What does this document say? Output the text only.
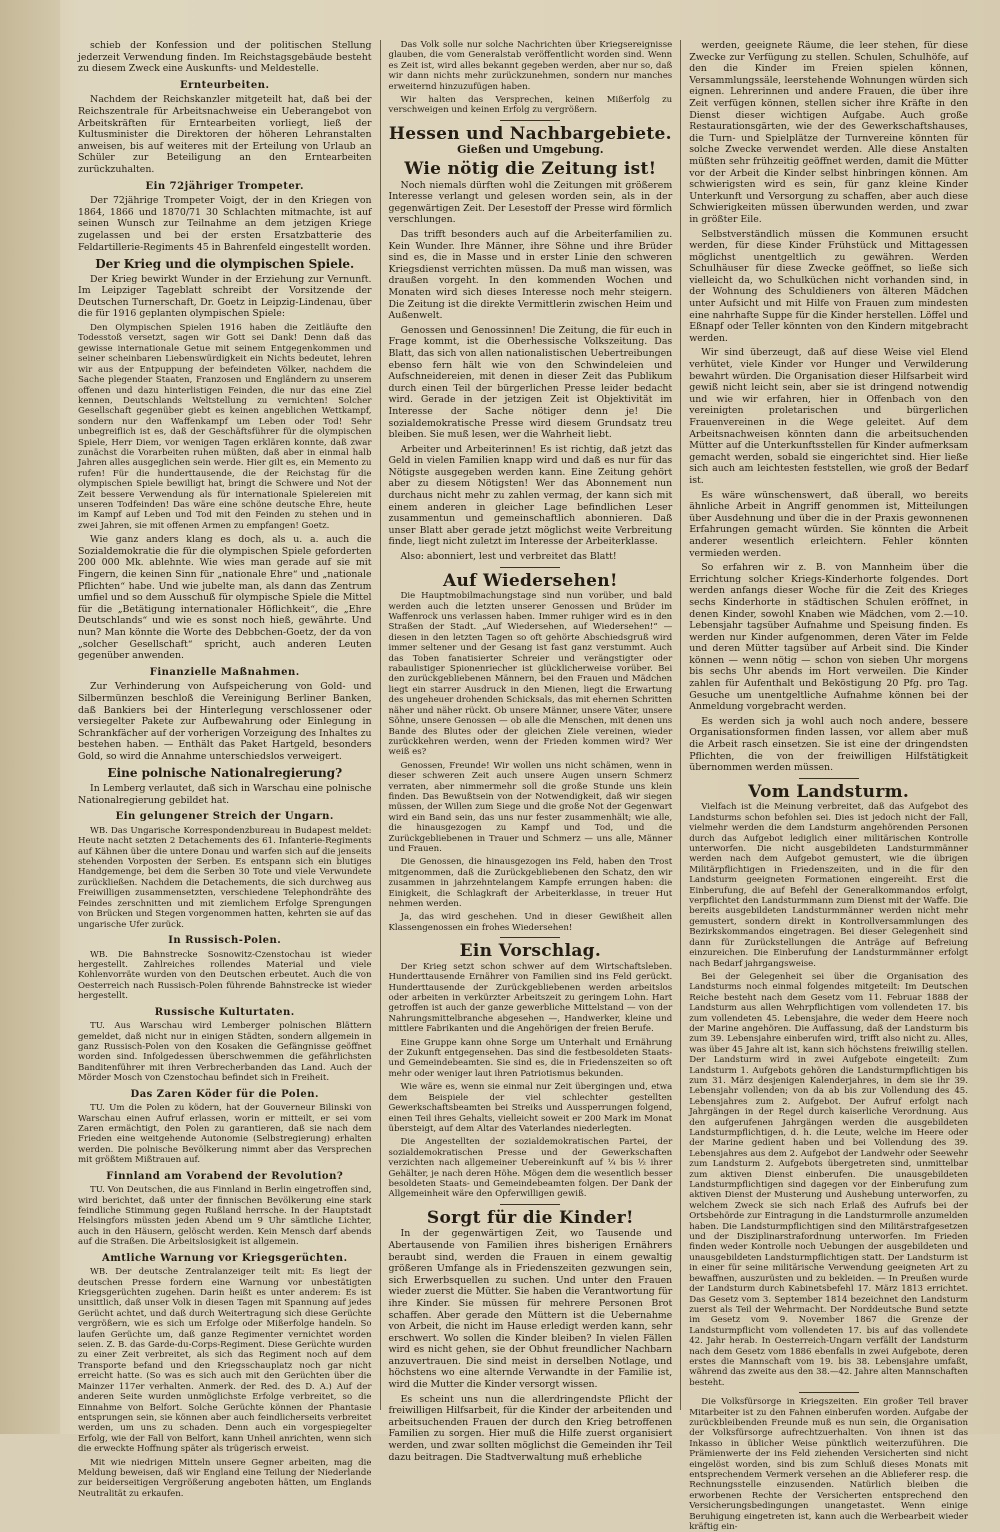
schieb der Konfession und der politischen Stellung jederzeit Verwendung finden. Im Reichstagsgebäude besteht zu diesem Zweck eine Auskunfts- und Meldestelle.

Ernteurbeiten.

Nachdem der Reichskanzler mitgeteilt hat, daß bei der Reichszentrale für Arbeitsnachweise ein Ueberangebot von Arbeitskräften für Erntearbeiten vorliegt, ließ der Kultusminister die Direktoren der höheren Lehranstalten anweisen, bis auf weiteres mit der Erteilung von Urlaub an Schüler zur Beteiligung an den Erntearbeiten zurückzuhalten.

Ein 72jähriger Trompeter.

Der 72jährige Trompeter Voigt, der in den Kriegen von 1864, 1866 und 1870/71 30 Schlachten mitmachte, ist auf seinen Wunsch zur Teilnahme an dem jetzigen Kriege zugelassen und bei der ersten Ersatzbatterie des Feldartillerie-Regiments 45 in Bahrenfeld eingestellt worden.

Der Krieg und die olympischen Spiele.

Der Krieg bewirkt Wunder in der Erziehung zur Vernunft. Im Leipziger Tageblatt schreibt der Vorsitzende der Deutschen Turnerschaft, Dr. Goetz in Leipzig-Lindenau, über die für 1916 geplanten olympischen Spiele:

Den Olympischen Spielen 1916 haben die Zeitläufte den Todesstoß versetzt, sagen wir Gott sei Dank! Denn daß das gewisse internationale Getue mit seinem Entgegenkommen und seiner scheinbaren Liebenswürdigkeit ein Nichts bedeutet, lehren wir aus der Entpuppung der befeindeten Völker, nachdem die Sache plegender Staaten, Franzosen und Engländern zu unserem offenen und dazu hinterlistigen Feinden, die nur das eine Ziel kennen, Deutschlands Weltstellung zu vernichten! Solcher Gesellschaft gegenüber giebt es keinen angeblichen Wettkampf, sondern nur den Waffenkampf um Leben oder Tod! Sehr unbegreiflich ist es, daß der Geschäftsführer für die olympischen Spiele, Herr Diem, vor wenigen Tagen erklären konnte, daß zwar zunächst die Vorarbeiten ruhen müßten, daß aber in einmal halb Jahren alles ausgeglichen sein werde. Hier gilt es, ein Memento zu rufen! Für die hunderttausende, die der Reichstag für die olympischen Spiele bewilligt hat, bringt die Schwere und Not der Zeit bessere Verwendung als für internationale Spielereien mit unseren Todfeinden! Das wäre eine schöne deutsche Ehre, heute im Kampf auf Leben und Tod mit den Feinden zu stehen und in zwei Jahren, sie mit offenen Armen zu empfangen! Goetz.

Wie ganz anders klang es doch, als u. a. auch die Sozialdemokratie die für die olympischen Spiele geforderten 200 000 Mk. ablehnte. Wie wies man gerade auf sie mit Fingern, die keinen Sinn für „nationale Ehre“ und „nationale Pflichten“ habe. Und wie jubelte man, als dann das Zentrum umfiel und so dem Ausschuß für olympische Spiele die Mittel für die „Betätigung internationaler Höflichkeit“, die „Ehre Deutschlands“ und wie es sonst noch hieß, gewährte. Und nun? Man könnte die Worte des Debbchen-Goetz, der da von „solcher Gesellschaft“ spricht, auch anderen Leuten gegenüber anwenden.

Finanzielle Maßnahmen.

Zur Verhinderung von Aufspeicherung von Gold- und Silbermünzen beschloß die Vereinigung Berliner Banken, daß Bankiers bei der Hinterlegung verschlossener oder versiegelter Pakete zur Aufbewahrung oder Einlegung in Schrankfächer auf der vorherigen Vorzeigung des Inhaltes zu bestehen haben. — Enthält das Paket Hartgeld, besonders Gold, so wird die Annahme unterschiedslos verweigert.

Eine polnische Nationalregierung?

In Lemberg verlautet, daß sich in Warschau eine polnische Nationalregierung gebildet hat.

Ein gelungener Streich der Ungarn.

WB. Das Ungarische Korrespondenzbureau in Budapest meldet: Heute nacht setzten 2 Detachements des 61. Infanterie-Regiments auf Kähnen über die untere Donau und warfen sich auf die jenseits stehenden Vorposten der Serben. Es entspann sich ein blutiges Handgemenge, bei dem die Serben 30 Tote und viele Verwundete zurückließen. Nachdem die Detachements, die sich durchweg aus Freiwilligen zusammensetzten, verschiedene Telephondrähte des Feindes zerschnitten und mit ziemlichem Erfolge Sprengungen von Brücken und Stegen vorgenommen hatten, kehrten sie auf das ungarische Ufer zurück.

In Russisch-Polen.

WB. Die Bahnstrecke Sosnowitz-Czenstochau ist wieder hergestellt. Zahlreiches rollendes Material und viele Kohlenvorräte wurden von den Deutschen erbeutet. Auch die von Oesterreich nach Russisch-Polen führende Bahnstrecke ist wieder hergestellt.

Russische Kulturtaten.

TU. Aus Warschau wird Lemberger polnischen Blättern gemeldet, daß nicht nur in einigen Städten, sondern allgemein in ganz Russisch-Polen von den Kosaken die Gefängnisse geöffnet worden sind. Infolgedessen überschwemmen die gefährlichsten Banditenführer mit ihren Verbrecherbanden das Land. Auch der Mörder Mosch von Czenstochau befindet sich in Freiheit.

Das Zaren Köder für die Polen.

TU. Um die Polen zu ködern, hat der Gouverneur Bilinski von Warschau einen Aufruf erlassen, worin er mitteilt, er sei vom Zaren ermächtigt, den Polen zu garantieren, daß sie nach dem Frieden eine weitgehende Autonomie (Selbstregierung) erhalten werden. Die polnische Bevölkerung nimmt aber das Versprechen mit größtem Mißtrauen auf.

Finnland am Vorabend der Revolution?

TU. Von Deutschen, die aus Finnland in Berlin eingetroffen sind, wird berichtet, daß unter der finnischen Bevölkerung eine stark feindliche Stimmung gegen Rußland herrsche. In der Hauptstadt Helsingfors müssten jeden Abend um 9 Uhr sämtliche Lichter, auch in den Häusern, gelöscht werden. Kein Mensch darf abends auf die Straßen. Die Arbeitslosigkeit ist allgemein.

Amtliche Warnung vor Kriegsgerüchten.

WB. Der deutsche Zentralanzeiger teilt mit: Es liegt der deutschen Presse fordern eine Warnung vor unbestätigten Kriegsgerüchten zugehen. Darin heißt es unter anderem: Es ist unsittlich, daß unser Volk in diesen Tagen mit Spannung auf jedes Gerücht achtet, und daß durch Weitertragung sich diese Gerüchte vergrößern, wie es sich um Erfolge oder Mißerfolge handeln. So laufen Gerüchte um, daß ganze Regimenter vernichtet worden seien. Z. B. das Garde-du-Corps-Regiment. Diese Gerüchte wurden zu einer Zeit verbreitet, als sich das Regiment noch auf dem Transporte befand und den Kriegsschauplatz noch gar nicht erreicht hatte. (So was es sich auch mit den Gerüchten über die Mainzer 117er verhalten. Anmerk. der Red. des D. A.) Auf der anderen Seite wurden unmöglichste Erfolge verbreitet, so die Einnahme von Belfort. Solche Gerüchte können der Phantasie entsprungen sein, sie können aber auch feindlicherseits verbreitet werden, um uns zu schaden. Denn auch ein vorgespiegelter Erfolg, wie der Fall von Belfort, kann Unheil anrichten, wenn sich die erweckte Hoffnung später als trügerisch erweist.

Mit wie niedrigen Mitteln unsere Gegner arbeiten, mag die Meldung beweisen, daß wir England eine Teilung der Niederlande zur beiderseitigen Vergrößerung angeboten hätten, um Englands Neutralität zu erkaufen.

Das Volk solle nur solche Nachrichten über Kriegsereignisse glauben, die vom Generalstab veröffentlicht worden sind. Wenn es Zeit ist, wird alles bekannt gegeben werden, aber nur so, daß wir dann nichts mehr zurückzunehmen, sondern nur manches erweiternd hinzuzufügen haben.

Wir halten das Versprechen, keinen Mißerfolg zu verschweigen und keinen Erfolg zu vergrößern.

Hessen und Nachbargebiete.
Gießen und Umgebung.
Wie nötig die Zeitung ist!

Noch niemals dürften wohl die Zeitungen mit größerem Interesse verlangt und gelesen worden sein, als in der gegenwärtigen Zeit. Der Lesestoff der Presse wird förmlich verschlungen.

Das trifft besonders auch auf die Arbeiterfamilien zu. Kein Wunder. Ihre Männer, ihre Söhne und ihre Brüder sind es, die in Masse und in erster Linie den schweren Kriegsdienst verrichten müssen. Da muß man wissen, was draußen vorgeht. In den kommenden Wochen und Monaten wird sich dieses Interesse noch mehr steigern. Die Zeitung ist die direkte Vermittlerin zwischen Heim und Außenwelt.

Genossen und Genossinnen! Die Zeitung, die für euch in Frage kommt, ist die Oberhessische Volkszeitung. Das Blatt, das sich von allen nationalistischen Uebertreibungen ebenso fern hält wie von den Schwindeleien und Aufschneidereien, mit denen in dieser Zeit das Publikum durch einen Teil der bürgerlichen Presse leider bedacht wird. Gerade in der jetzigen Zeit ist Objektivität im Interesse der Sache nötiger denn je! Die sozialdemokratische Presse wird diesem Grundsatz treu bleiben. Sie muß lesen, wer die Wahrheit liebt.

Arbeiter und Arbeiterinnen! Es ist richtig, daß jetzt das Geld in vielen Familien knapp wird und daß es nur für das Nötigste ausgegeben werden kann. Eine Zeitung gehört aber zu diesem Nötigsten! Wer das Abonnement nun durchaus nicht mehr zu zahlen vermag, der kann sich mit einem anderen in gleicher Lage befindlichen Leser zusammentun und gemeinschaftlich abonnieren. Daß unser Blatt aber gerade jetzt möglichst weite Verbreitung finde, liegt nicht zuletzt im Interesse der Arbeiterklasse.

Also: abonniert, lest und verbreitet das Blatt!

Auf Wiedersehen!

Die Hauptmobilmachungstage sind nun vorüber, und bald werden auch die letzten unserer Genossen und Brüder im Waffenrock uns verlassen haben. Immer ruhiger wird es in den Straßen der Stadt. „Auf Wiedersehen, auf Wiedersehen!“ — diesen in den letzten Tagen so oft gehörte Abschiedsgruß wird immer seltener und der Gesang ist fast ganz verstummt. Auch das Toben fanatisierter Schreier und verängstigter oder rabaulistiger Spionenriecher ist glücklicherweise vorüber. Bei den zurückgebliebenen Männern, bei den Frauen und Mädchen liegt ein starrer Ausdruck in den Mienen, liegt die Erwartung des ungeheuer drohenden Schicksals, das mit ehernen Schritten näher und näher rückt. Ob unsere Männer, unsere Väter, unsere Söhne, unsere Genossen — ob alle die Menschen, mit denen uns Bande des Blutes oder der gleichen Ziele vereinen, wieder zurückkehren werden, wenn der Frieden kommen wird? Wer weiß es?

Genossen, Freunde! Wir wollen uns nicht schämen, wenn in dieser schweren Zeit auch unsere Augen unsern Schmerz verraten, aber nimmermehr soll die große Stunde uns klein finden. Das Bewußtsein von der Notwendigkeit, daß wir siegen müssen, der Willen zum Siege und die große Not der Gegenwart wird ein Band sein, das uns nur fester zusammenhält; wie alle, die hinausgezogen zu Kampf und Tod, und die Zurückgebliebenen in Trauer und Schmerz — uns alle, Männer und Frauen.

Die Genossen, die hinausgezogen ins Feld, haben den Trost mitgenommen, daß die Zurückgebliebenen den Schatz, den wir zusammen in jahrzehntelangem Kampfe errungen haben: die Einigkeit, die Schlagkraft der Arbeiterklasse, in treuer Hut nehmen werden.

Ja, das wird geschehen. Und in dieser Gewißheit allen Klassengenossen ein frohes Wiedersehen!

Ein Vorschlag.

Der Krieg setzt schon schwer auf dem Wirtschaftsleben. Hunderttausende Ernährer von Familien sind ins Feld gerückt. Hunderttausende der Zurückgebliebenen werden arbeitslos oder arbeiten in verkürzter Arbeitszeit zu geringem Lohn. Hart getroffen ist auch der ganze gewerbliche Mittelstand — von der Nahrungsmittelbranche abgesehen —, Handwerker, kleine und mittlere Fabrikanten und die Angehörigen der freien Berufe.

Eine Gruppe kann ohne Sorge um Unterhalt und Ernährung der Zukunft entgegensehen. Das sind die festbesoldeten Staats- und Gemeindebeamten. Sie sind es, die in Friedenszeiten so oft mehr oder weniger laut ihren Patriotismus bekunden.

Wie wäre es, wenn sie einmal nur Zeit übergingen und, etwa dem Beispiele der viel schlechter gestellten Gewerkschaftsbeamten bei Streiks und Aussperrungen folgend, einen Teil ihres Gehalts, vielleicht soweit er 200 Mark im Monat übersteigt, auf dem Altar des Vaterlandes niederlegten.

Die Angestellten der sozialdemokratischen Partei, der sozialdemokratischen Presse und der Gewerkschaften verzichten nach allgemeiner Uebereinkunft auf ¼ bis ½ ihrer Gehälter, je nach deren Höhe. Mögen dem die wesentlich besser besoldeten Staats- und Gemeindebeamten folgen. Der Dank der Allgemeinheit wäre den Opferwilligen gewiß.

Sorgt für die Kinder!

In der gegenwärtigen Zeit, wo Tausende und Abertausende von Familien ihres bisherigen Ernährers beraubt sind, werden die Frauen in einem gewaltig größeren Umfange als in Friedenszeiten gezwungen sein, sich Erwerbsquellen zu suchen. Und unter den Frauen wieder zuerst die Mütter. Sie haben die Verantwortung für ihre Kinder. Sie müssen für mehrere Personen Brot schaffen. Aber gerade den Müttern ist die Uebernahme von Arbeit, die nicht im Hause erledigt werden kann, sehr erschwert. Wo sollen die Kinder bleiben? In vielen Fällen wird es nicht gehen, sie der Obhut freundlicher Nachbarn anzuvertrauen. Die sind meist in derselben Notlage, und höchstens wo eine alternde Verwandte in der Familie ist, wird die Mutter die Kinder versorgt wissen.

Es scheint uns nun die allerdringendste Pflicht der freiwilligen Hilfsarbeit, für die Kinder der arbeitenden und arbeitsuchenden Frauen der durch den Krieg betroffenen Familien zu sorgen. Hier muß die Hilfe zuerst organisiert werden, und zwar sollten möglichst die Gemeinden ihr Teil dazu beitragen. Die Stadtverwaltung muß erhebliche

werden, geeignete Räume, die leer stehen, für diese Zwecke zur Verfügung zu stellen. Schulen, Schulhöfe, auf den die Kinder im Freien spielen können, Versammlungssäle, leerstehende Wohnungen würden sich eignen. Lehrerinnen und andere Frauen, die über ihre Zeit verfügen können, stellen sicher ihre Kräfte in den Dienst dieser wichtigen Aufgabe. Auch große Restaurationsgärten, wie der des Gewerkschaftshauses, die Turn- und Spielplätze der Turnvereine könnten für solche Zwecke verwendet werden. Alle diese Anstalten müßten sehr frühzeitig geöffnet werden, damit die Mütter vor der Arbeit die Kinder selbst hinbringen können. Am schwierigsten wird es sein, für ganz kleine Kinder Unterkunft und Versorgung zu schaffen, aber auch diese Schwierigkeiten müssen überwunden werden, und zwar in größter Eile.

Selbstverständlich müssen die Kommunen ersucht werden, für diese Kinder Frühstück und Mittagessen möglichst unentgeltlich zu gewähren. Werden Schulhäuser für diese Zwecke geöffnet, so ließe sich vielleicht da, wo Schulküchen nicht vorhanden sind, in der Wohnung des Schuldieners von älteren Mädchen unter Aufsicht und mit Hilfe von Frauen zum mindesten eine nahrhafte Suppe für die Kinder herstellen. Löffel und Eßnapf oder Teller könnten von den Kindern mitgebracht werden.

Wir sind überzeugt, daß auf diese Weise viel Elend verhütet, viele Kinder vor Hunger und Verwilderung bewahrt würden. Die Organisation dieser Hilfsarbeit wird gewiß nicht leicht sein, aber sie ist dringend notwendig und wie wir erfahren, hier in Offenbach von den vereinigten proletarischen und bürgerlichen Frauenvereinen in die Wege geleitet. Auf dem Arbeitsnachweisen könnten dann die arbeitsuchenden Mütter auf die Unterkunftsstellen für Kinder aufmerksam gemacht werden, sobald sie eingerichtet sind. Hier ließe sich auch am leichtesten feststellen, wie groß der Bedarf ist.

Es wäre wünschenswert, daß überall, wo bereits ähnliche Arbeit in Angriff genommen ist, Mitteilungen über Ausdehnung und über die in der Praxis gewonnenen Erfahrungen gemacht würden. Sie könnten die Arbeit anderer wesentlich erleichtern. Fehler könnten vermieden werden.

So erfahren wir z. B. von Mannheim über die Errichtung solcher Kriegs-Kinderhorte folgendes. Dort werden anfangs dieser Woche für die Zeit des Krieges sechs Kinderhorte in städtischen Schulen eröffnet, in denen Kinder, sowohl Knaben wie Mädchen, vom 2.—10. Lebensjahr tagsüber Aufnahme und Speisung finden. Es werden nur Kinder aufgenommen, deren Väter im Felde und deren Mütter tagsüber auf Arbeit sind. Die Kinder können — wenn nötig — schon von sieben Uhr morgens bis sechs Uhr abends im Hort verweilen. Die Kinder zahlen für Aufenthalt und Beköstigung 20 Pfg. pro Tag. Gesuche um unentgeltliche Aufnahme können bei der Anmeldung vorgebracht werden.

Es werden sich ja wohl auch noch andere, bessere Organisationsformen finden lassen, vor allem aber muß die Arbeit rasch einsetzen. Sie ist eine der dringendsten Pflichten, die von der freiwilligen Hilfstätigkeit übernommen werden müssen.

Vom Landsturm.

Vielfach ist die Meinung verbreitet, daß das Aufgebot des Landsturms schon befohlen sei. Dies ist jedoch nicht der Fall, vielmehr werden die dem Landsturm angehörenden Personen durch das Aufgebot lediglich einer militärischen Kontrolle unterworfen. Die nicht ausgebildeten Landsturmmänner werden nach dem Aufgebot gemustert, wie die übrigen Militärpflichtigen in Friedenszeiten, und in die für den Landsturm geeigneten Formationen eingereiht. Erst die Einberufung, die auf Befehl der Generalkommandos erfolgt, verpflichtet den Landsturmmann zum Dienst mit der Waffe. Die bereits ausgebildeten Landsturmmänner werden nicht mehr gemustert, sondern direkt in Kontrollversammlungen des Bezirkskommandos eingetragen. Bei dieser Gelegenheit sind dann für Zurückstellungen die Anträge auf Befreiung einzureichen. Die Einberufung der Landsturmmänner erfolgt nach Bedarf jahrgangsweise.

Bei der Gelegenheit sei über die Organisation des Landsturms noch einmal folgendes mitgeteilt: Im Deutschen Reiche besteht nach dem Gesetz vom 11. Februar 1888 der Landsturm aus allen Wehrpflichtigen vom vollendeten 17. bis zum vollendeten 45. Lebensjahre, die weder dem Heere noch der Marine angehören. Die Auffassung, daß der Landsturm bis zum 39. Lebensjahre einberufen wird, trifft also nicht zu. Alles, was über 45 Jahre alt ist, kann sich höchstens freiwillig stellen. Der Landsturm wird in zwei Aufgebote eingeteilt: Zum Landsturm 1. Aufgebots gehören die Landsturmpflichtigen bis zum 31. März desjenigen Kalenderjahres, in dem sie ihr 39. Lebensjahr vollenden; von da ab bis zur Vollendung des 45. Lebensjahres zum 2. Aufgebot. Der Aufruf erfolgt nach Jahrgängen in der Regel durch kaiserliche Verordnung. Aus den aufgerufenen Jahrgängen werden die ausgebildeten Landsturmpflichtigen, d. h. die Leute, welche im Heere oder der Marine gedient haben und bei Vollendung des 39. Lebensjahres aus dem 2. Aufgebot der Landwehr oder Seewehr zum Landsturm 2. Aufgebots übergetreten sind, unmittelbar zum aktiven Dienst einberufen. Die unausgebildeten Landsturmpflichtigen sind dagegen vor der Einberufung zum aktiven Dienst der Musterung und Aushebung unterworfen, zu welchem Zweck sie sich nach Erlaß des Aufrufs bei der Ortsbehörde zur Eintragung in die Landsturmrolle anzumelden haben. Die Landsturmpflichtigen sind den Militärstrafgesetzen und der Disziplinarstrafordnung unterworfen. Im Frieden finden weder Kontrolle noch Uebungen der ausgebildeten und unausgebildeten Landsturmpflichtigen statt. Der Landsturm ist in einer für seine militärische Verwendung geeigneten Art zu bewaffnen, auszurüsten und zu bekleiden. — In Preußen wurde der Landsturm durch Kabinetsbefehl 17. März 1813 errichtet. Das Gesetz vom 3. September 1814 bezeichnet den Landsturm zuerst als Teil der Wehrmacht. Der Norddeutsche Bund setzte im Gesetz vom 9. November 1867 die Grenze der Landsturmpflicht vom vollendeten 17. bis auf das vollendete 42. Jahr herab. In Oesterreich-Ungarn verfällt der Landsturm nach dem Gesetz vom 1886 ebenfalls in zwei Aufgebote, deren erstes die Mannschaft vom 19. bis 38. Lebensjahre umfaßt, während das zweite aus den 38.—42. Jahre alten Mannschaften besteht.

Die Volksfürsorge in Kriegszeiten. Ein großer Teil braver Mitarbeiter ist zu den Fahnen einberufen worden. Aufgabe der zurückbleibenden Freunde muß es nun sein, die Organisation der Volksfürsorge aufrechtzuerhalten. Von ihnen ist das Inkasso in üblicher Weise pünktlich weiterzuführen. Die Prämienwerte der ins Feld ziehenden Versicherten sind nicht eingelöst worden, sind bis zum Schluß dieses Monats mit entsprechendem Vermerk versehen an die Ablieferer resp. die Rechnungsstelle einzusenden. Natürlich bleiben die erworbenen Rechte der Versicherten entsprechend den Versicherungsbedingungen unangetastet. Wenn einige Beruhigung eingetreten ist, kann auch die Werbearbeit wieder kräftig ein-
